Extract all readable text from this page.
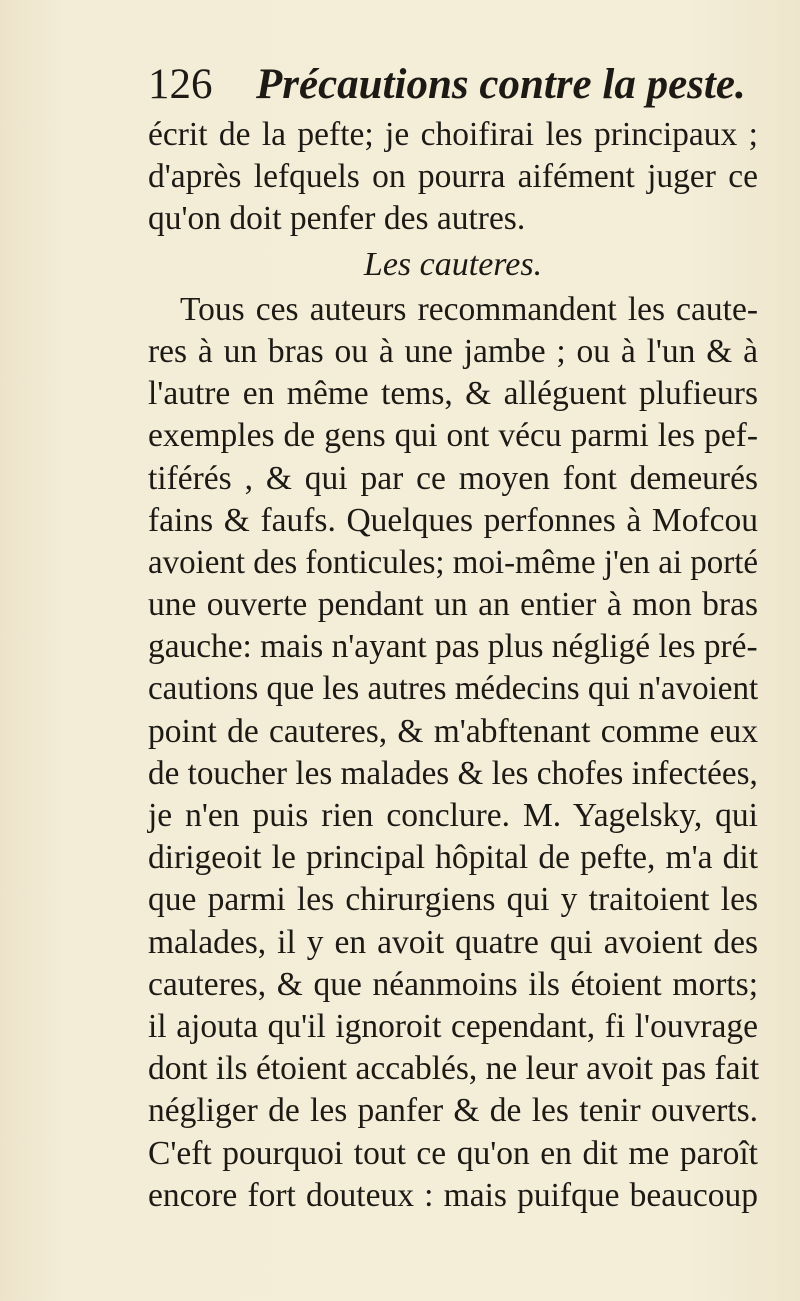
126 Précautions contre la peste.
écrit de la pefte; je choifirai les principaux ;
d'après lefquels on pourra aifément juger ce
qu'on doit penfer des autres.
Les cauteres.
Tous ces auteurs recommandent les caute-
res à un bras ou à une jambe ; ou à l'un & à
l'autre en même tems, & alléguent plufieurs
exemples de gens qui ont vécu parmi les pef-
tiférés , & qui par ce moyen font demeurés
fains & faufs. Quelques perfonnes à Mofcou
avoient des fonticules; moi-même j'en ai porté
une ouverte pendant un an entier à mon bras
gauche: mais n'ayant pas plus négligé les pré- cautions que les autres médecins qui n'avoient
point de cauteres, & m'abftenant comme eux
de toucher les malades & les chofes infectées,
je n'en puis rien conclure. M. Yagelsky, qui
dirigeoit le principal hôpital de pefte, m'a dit
que parmi les chirurgiens qui y traitoient les
malades, il y en avoit quatre qui avoient des
cauteres, & que néanmoins ils étoient morts;
il ajouta qu'il ignoroit cependant, fi l'ouvrage
dont ils étoient accablés, ne leur avoit pas fait
négliger de les panfer & de les tenir ouverts.
C'eft pourquoi tout ce qu'on en dit me paroît
encore fort douteux : mais puifque beaucoup
